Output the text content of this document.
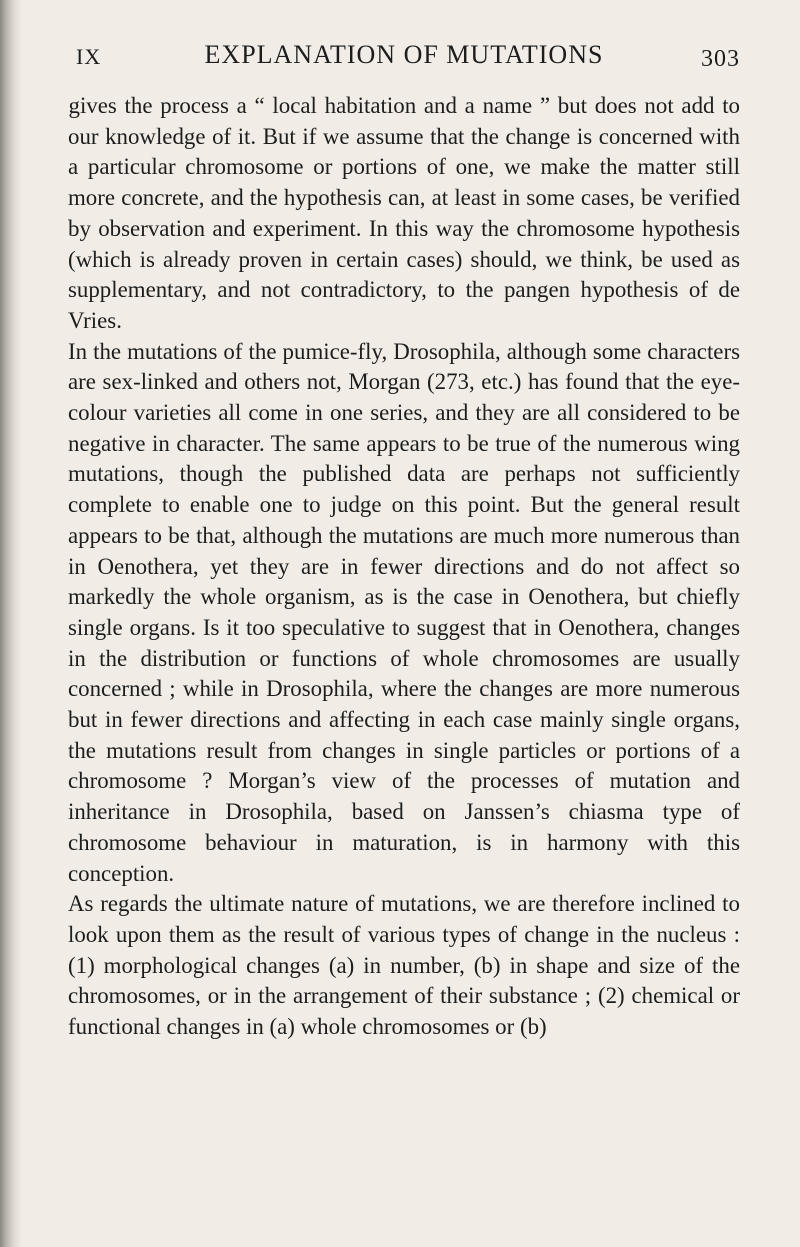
IX	EXPLANATION OF MUTATIONS	303

gives the process a “ local habitation and a name ” but does not add to our knowledge of it. But if we assume that the change is concerned with a particular chromosome or portions of one, we make the matter still more concrete, and the hypothesis can, at least in some cases, be verified by observation and experiment. In this way the chromosome hypothesis (which is already proven in certain cases) should, we think, be used as supplementary, and not contradictory, to the pangen hypothesis of de Vries.

In the mutations of the pumice-fly, Drosophila, although some characters are sex-linked and others not, Morgan (273, etc.) has found that the eye-colour varieties all come in one series, and they are all considered to be negative in character. The same appears to be true of the numerous wing mutations, though the published data are perhaps not sufficiently complete to enable one to judge on this point. But the general result appears to be that, although the mutations are much more numerous than in Oenothera, yet they are in fewer directions and do not affect so markedly the whole organism, as is the case in Oenothera, but chiefly single organs. Is it too speculative to suggest that in Oenothera, changes in the distribution or functions of whole chromosomes are usually concerned ; while in Drosophila, where the changes are more numerous but in fewer directions and affecting in each case mainly single organs, the mutations result from changes in single particles or portions of a chromosome ? Morgan’s view of the processes of mutation and inheritance in Drosophila, based on Janssen’s chiasma type of chromosome behaviour in maturation, is in harmony with this conception.

As regards the ultimate nature of mutations, we are therefore inclined to look upon them as the result of various types of change in the nucleus : (1) morphological changes (a) in number, (b) in shape and size of the chromosomes, or in the arrangement of their substance ; (2) chemical or functional changes in (a) whole chromosomes or (b)
